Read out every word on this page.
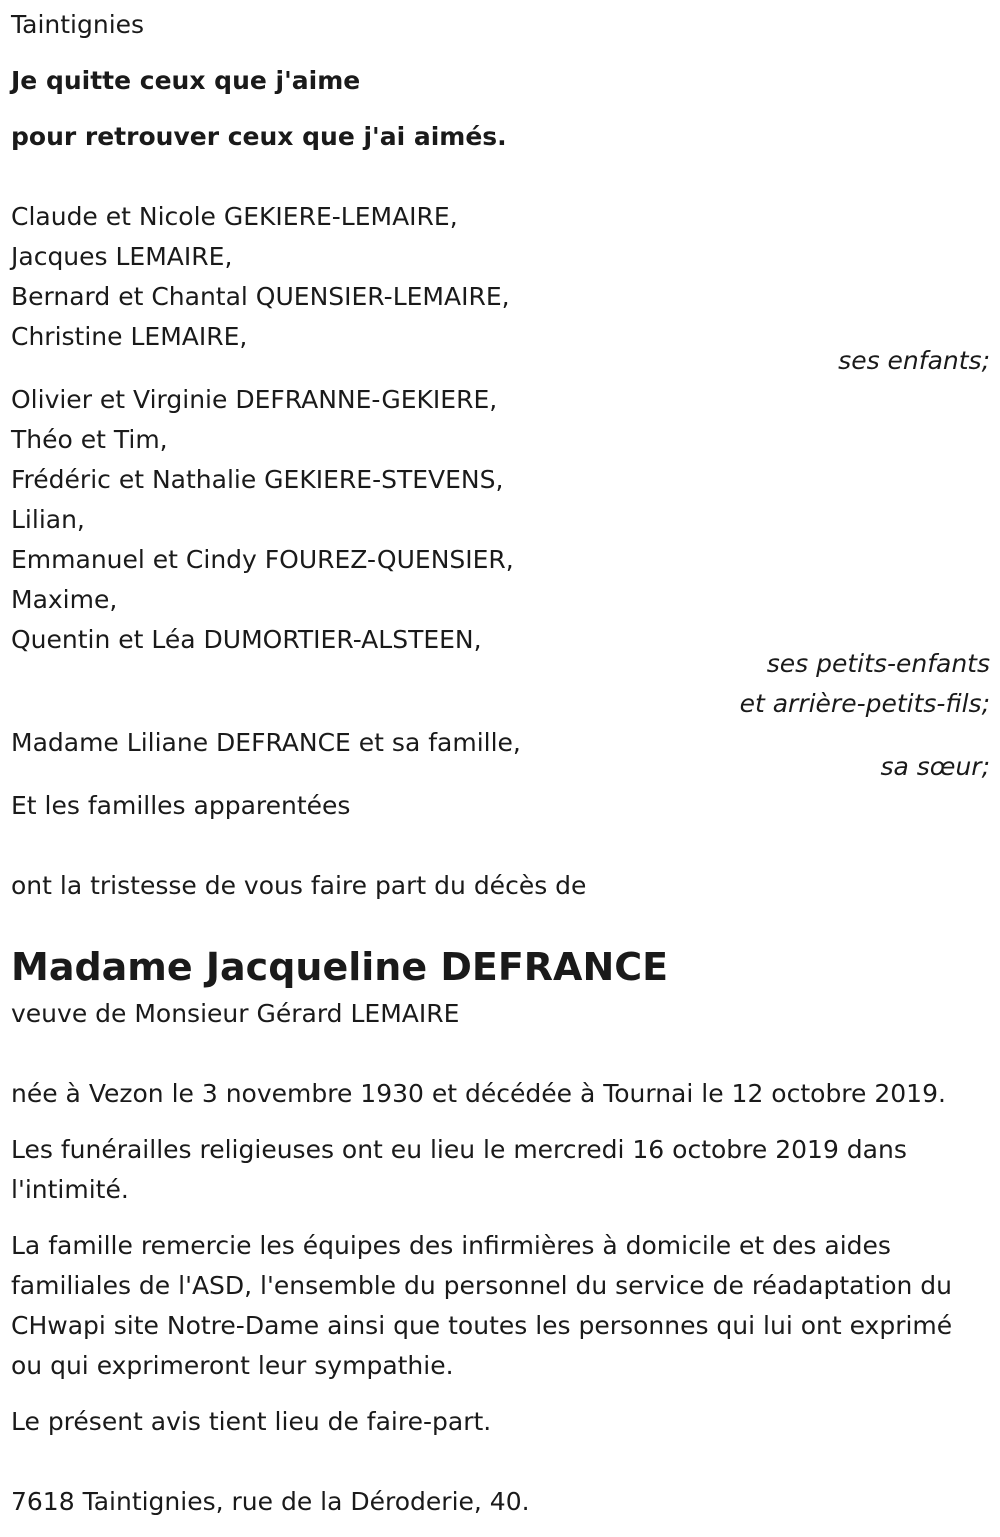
Taintignies
Je quitte ceux que j'aime
pour retrouver ceux que j'ai aimés.
Claude et Nicole GEKIERE-LEMAIRE,
Jacques LEMAIRE,
Bernard et Chantal QUENSIER-LEMAIRE,
Christine LEMAIRE,
ses enfants;
Olivier et Virginie DEFRANNE-GEKIERE,
Théo et Tim,
Frédéric et Nathalie GEKIERE-STEVENS,
Lilian,
Emmanuel et Cindy FOUREZ-QUENSIER,
Maxime,
Quentin et Léa DUMORTIER-ALSTEEN,
ses petits-enfants
et arrière-petits-fils;
Madame Liliane DEFRANCE et sa famille,
sa sœur;
Et les familles apparentées
ont la tristesse de vous faire part du décès de
Madame Jacqueline DEFRANCE
veuve de Monsieur Gérard LEMAIRE
née à Vezon le 3 novembre 1930 et décédée à Tournai le 12 octobre 2019.
Les funérailles religieuses ont eu lieu le mercredi 16 octobre 2019 dans l'intimité.
La famille remercie les équipes des infirmières à domicile et des aides familiales de l'ASD, l'ensemble du personnel du service de réadaptation du CHwapi site Notre-Dame ainsi que toutes les personnes qui lui ont exprimé ou qui exprimeront leur sympathie.
Le présent avis tient lieu de faire-part.
7618 Taintignies, rue de la Déroderie, 40.
